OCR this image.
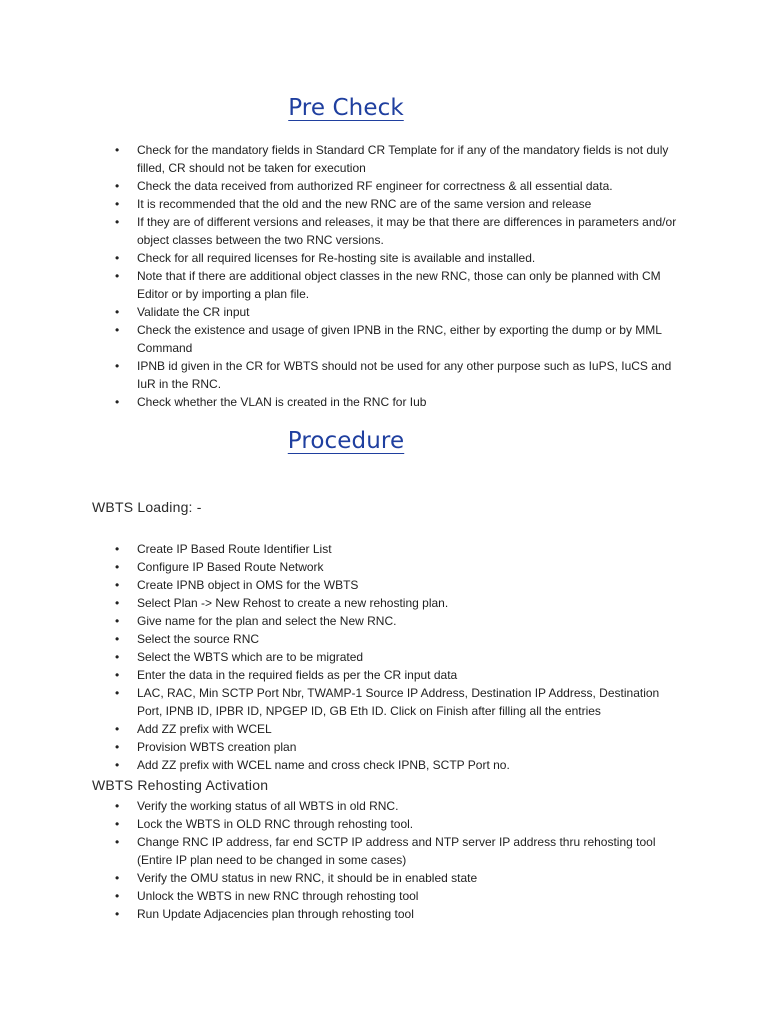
Pre Check
• Check for the mandatory fields in Standard CR Template for if any of the mandatory fields is not duly filled, CR should not be taken for execution
• Check the data received from authorized RF engineer for correctness & all essential data.
• It is recommended that the old and the new RNC are of the same version and release
• If they are of different versions and releases, it may be that there are differences in parameters and/or object classes between the two RNC versions.
• Check for all required licenses for Re-hosting site is available and installed.
• Note that if there are additional object classes in the new RNC, those can only be planned with CM Editor or by importing a plan file.
• Validate the CR input
• Check the existence and usage of given IPNB in the RNC, either by exporting the dump or by MML Command
• IPNB id given in the CR for WBTS should not be used for any other purpose such as IuPS, IuCS and IuR in the RNC.
• Check whether the VLAN is created in the RNC for Iub
Procedure
WBTS Loading: -
• Create IP Based Route Identifier List
• Configure IP Based Route Network
• Create IPNB object in OMS for the WBTS
• Select Plan -> New Rehost to create a new rehosting plan.
• Give name for the plan and select the New RNC.
• Select the source RNC
• Select the WBTS which are to be migrated
• Enter the data in the required fields as per the CR input data
• LAC, RAC, Min SCTP Port Nbr, TWAMP-1 Source IP Address, Destination IP Address, Destination Port, IPNB ID, IPBR ID, NPGEP ID, GB Eth ID. Click on Finish after filling all the entries
• Add ZZ prefix with WCEL
• Provision WBTS creation plan
• Add ZZ prefix with WCEL name and cross check IPNB, SCTP Port no.
WBTS Rehosting Activation
• Verify the working status of all WBTS in old RNC.
• Lock the WBTS in OLD RNC through rehosting tool.
• Change RNC IP address, far end SCTP IP address and NTP server IP address thru rehosting tool (Entire IP plan need to be changed in some cases)
• Verify the OMU status in new RNC, it should be in enabled state
• Unlock the WBTS in new RNC through rehosting tool
• Run Update Adjacencies plan through rehosting tool
